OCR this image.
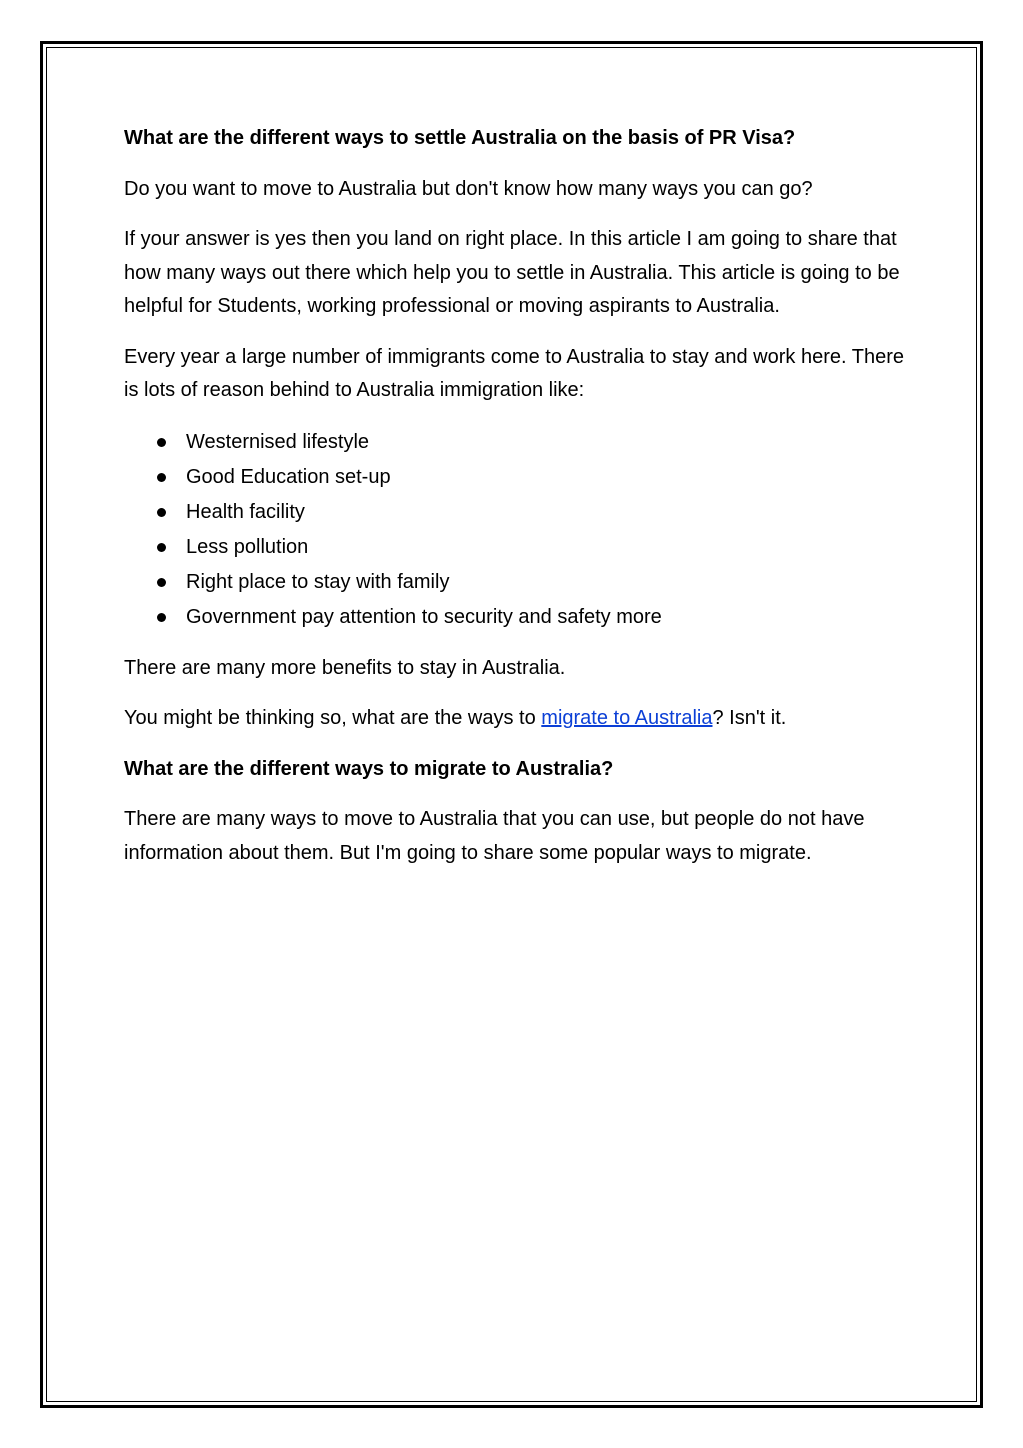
What are the different ways to settle Australia on the basis of PR Visa?

Do you want to move to Australia but don't know how many ways you can go?

If your answer is yes then you land on right place. In this article I am going to share that how many ways out there which help you to settle in Australia. This article is going to be helpful for Students, working professional or moving aspirants to Australia.

Every year a large number of immigrants come to Australia to stay and work here. There is lots of reason behind to Australia immigration like:

Westernised lifestyle
Good Education set-up
Health facility
Less pollution
Right place to stay with family
Government pay attention to security and safety more

There are many more benefits to stay in Australia.

You might be thinking so, what are the ways to migrate to Australia? Isn't it.

What are the different ways to migrate to Australia?

There are many ways to move to Australia that you can use, but people do not have information about them. But I'm going to share some popular ways to migrate.
